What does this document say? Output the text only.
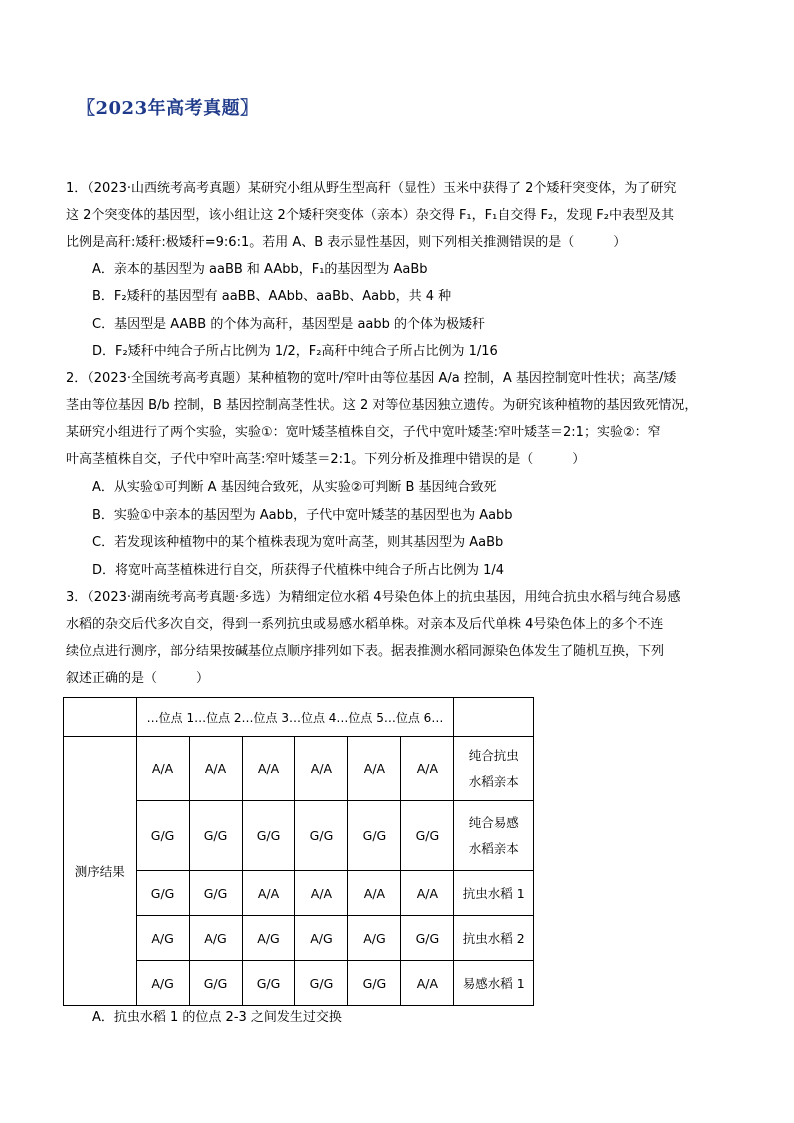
〖2023年高考真题〗
1．（2023·山西统考高考真题）某研究小组从野生型高秆（显性）玉米中获得了 2个矮秆突变体，为了研究
这 2个突变体的基因型，该小组让这 2个矮秆突变体（亲本）杂交得 F₁，F₁自交得 F₂，发现 F₂中表型及其
比例是高秆:矮秆:极矮秆=9:6:1。若用 A、B 表示显性基因，则下列相关推测错误的是（　　　）
A．亲本的基因型为 aaBB 和 AAbb，F₁的基因型为 AaBb
B．F₂矮秆的基因型有 aaBB、AAbb、aaBb、Aabb，共 4 种
C．基因型是 AABB 的个体为高秆，基因型是 aabb 的个体为极矮秆
D．F₂矮秆中纯合子所占比例为 1/2，F₂高秆中纯合子所占比例为 1/16
2．（2023·全国统考高考真题）某种植物的宽叶/窄叶由等位基因 A/a 控制，A 基因控制宽叶性状；高茎/矮
茎由等位基因 B/b 控制，B 基因控制高茎性状。这 2 对等位基因独立遗传。为研究该种植物的基因致死情况，
某研究小组进行了两个实验，实验①：宽叶矮茎植株自交，子代中宽叶矮茎:窄叶矮茎＝2:1；实验②：窄
叶高茎植株自交，子代中窄叶高茎:窄叶矮茎＝2:1。下列分析及推理中错误的是（　　　）
A．从实验①可判断 A 基因纯合致死，从实验②可判断 B 基因纯合致死
B．实验①中亲本的基因型为 Aabb，子代中宽叶矮茎的基因型也为 Aabb
C．若发现该种植物中的某个植株表现为宽叶高茎，则其基因型为 AaBb
D．将宽叶高茎植株进行自交，所获得子代植株中纯合子所占比例为 1/4
3．（2023·湖南统考高考真题·多选）为精细定位水稻 4号染色体上的抗虫基因，用纯合抗虫水稻与纯合易感
水稻的杂交后代多次自交，得到一系列抗虫或易感水稻单株。对亲本及后代单株 4号染色体上的多个不连
续位点进行测序，部分结果按碱基位点顺序排列如下表。据表推测水稻同源染色体发生了随机互换，下列
叙述正确的是（　　　）
	…位点 1…位点 2…位点 3…位点 4…位点 5…位点 6…						
测序结果	A/A	A/A	A/A	A/A	A/A	A/A	纯合抗虫
水稻亲本

	G/G	G/G	G/G	G/G	G/G	G/G	纯合易感
水稻亲本

	G/G	G/G	A/A	A/A	A/A	A/A	抗虫水稻 1
	A/G	A/G	A/G	A/G	A/G	G/G	抗虫水稻 2
	A/G	G/G	G/G	G/G	G/G	A/A	易感水稻 1
A．抗虫水稻 1 的位点 2-3 之间发生过交换
